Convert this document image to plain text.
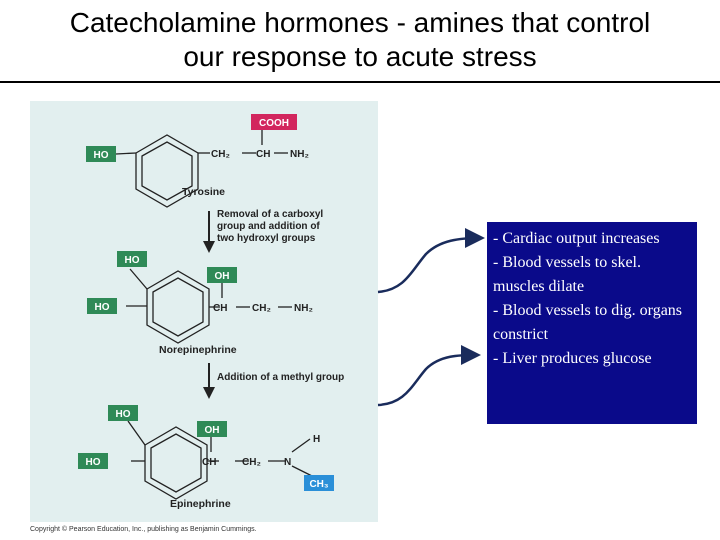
Catecholamine hormones - amines that control
our response to acute stress
HO
COOH
CH₂	CH NH₂
Tyrosine
Removal of a carboxyl
group and addition of
two hydroxyl groups
HO
HO
OH
CH CH₂ NH₂
Norepinephrine
Addition of a methyl group
HO
HO
OH
CH₃
CH	CH₂ N
H
Epinephrine
Copyright © Pearson Education, Inc., publishing as Benjamin Cummings.
- Cardiac output increases
- Blood vessels to skel. muscles dilate
- Blood vessels to dig. organs constrict
- Liver produces glucose
